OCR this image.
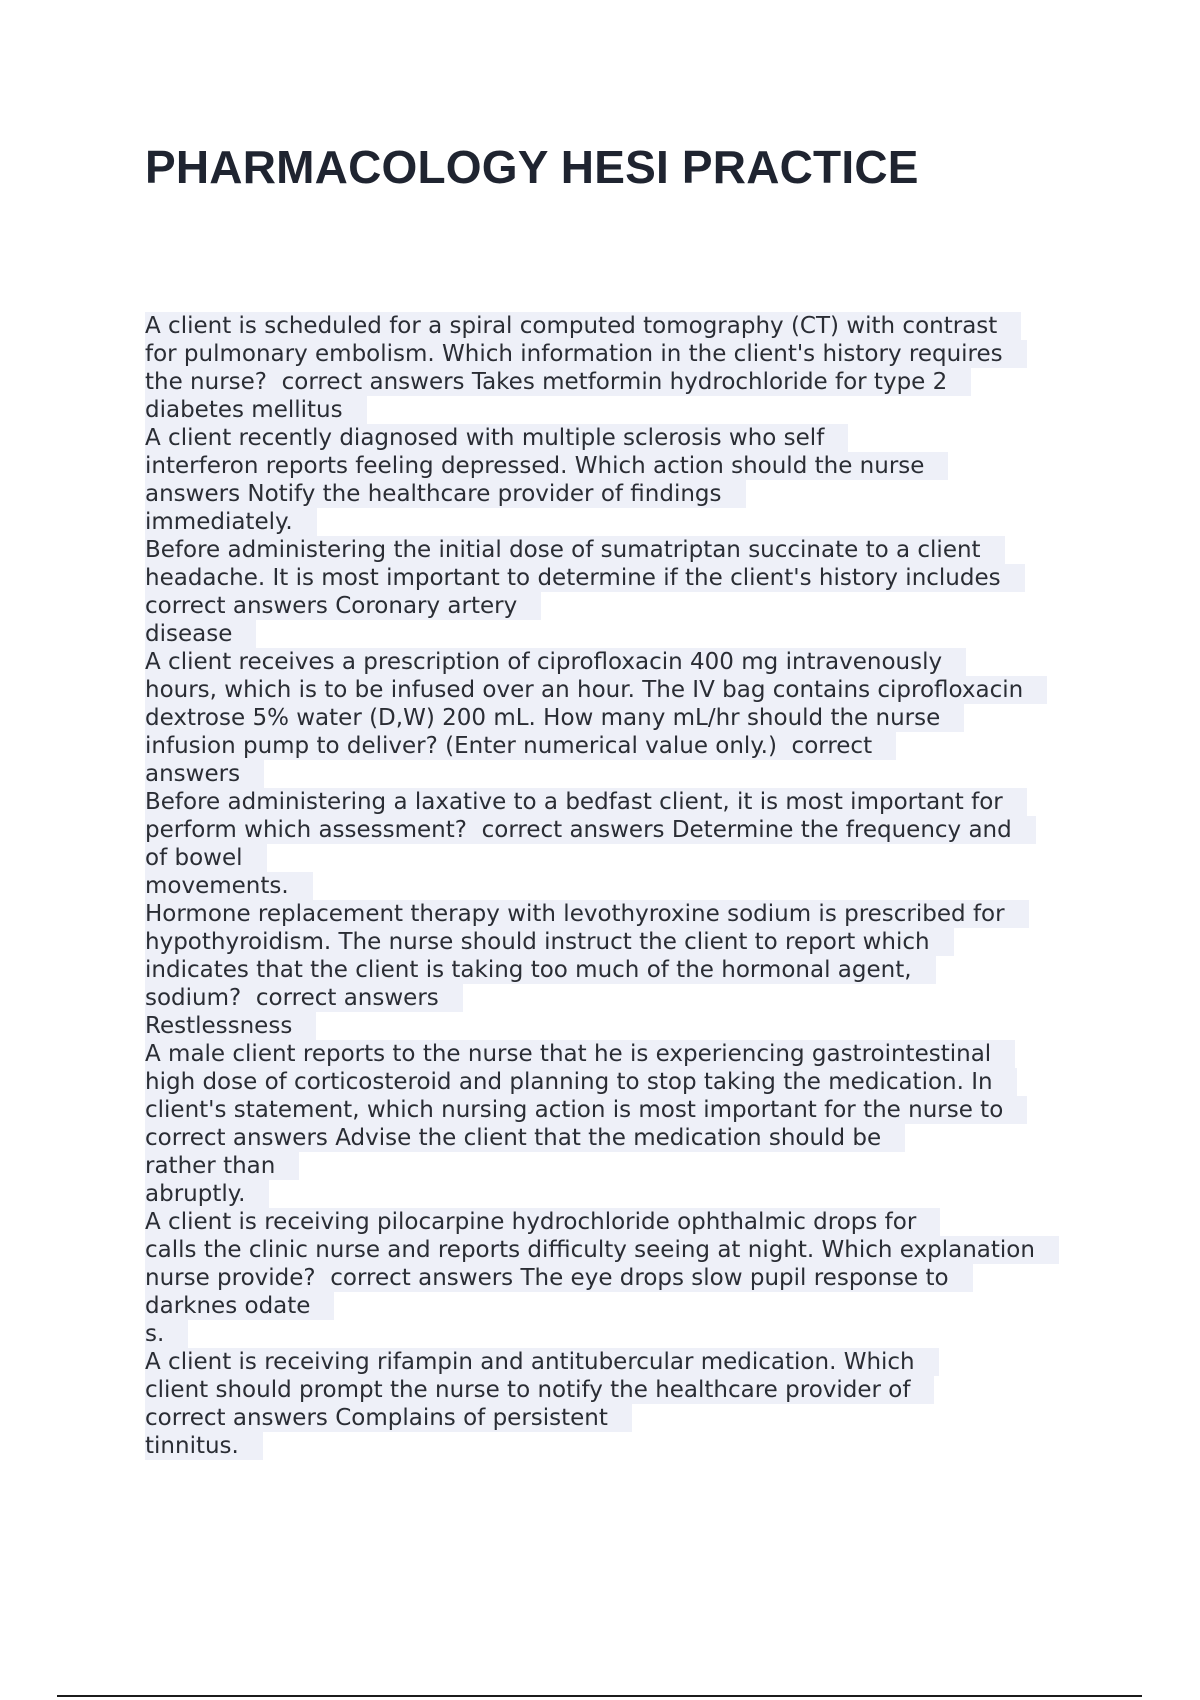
PHARMACOLOGY HESI PRACTICE
A client is scheduled for a spiral computed tomography (CT) with contrast
for pulmonary embolism. Which information in the client's history requires
the nurse?  correct answers Takes metformin hydrochloride for type 2
diabetes mellitus
A client recently diagnosed with multiple sclerosis who self
interferon reports feeling depressed. Which action should the nurse
answers Notify the healthcare provider of findings
immediately.
Before administering the initial dose of sumatriptan succinate to a client
headache. It is most important to determine if the client's history includes
correct answers Coronary artery
disease
A client receives a prescription of ciprofloxacin 400 mg intravenously
hours, which is to be infused over an hour. The IV bag contains ciprofloxacin
dextrose 5% water (D,W) 200 mL. How many mL/hr should the nurse
infusion pump to deliver? (Enter numerical value only.)  correct
answers
Before administering a laxative to a bedfast client, it is most important for
perform which assessment?  correct answers Determine the frequency and
of bowel
movements.
Hormone replacement therapy with levothyroxine sodium is prescribed for
hypothyroidism. The nurse should instruct the client to report which
indicates that the client is taking too much of the hormonal agent,
sodium?  correct answers
Restlessness
A male client reports to the nurse that he is experiencing gastrointestinal
high dose of corticosteroid and planning to stop taking the medication. In
client's statement, which nursing action is most important for the nurse to
correct answers Advise the client that the medication should be
rather than
abruptly.
A client is receiving pilocarpine hydrochloride ophthalmic drops for
calls the clinic nurse and reports difficulty seeing at night. Which explanation
nurse provide?  correct answers The eye drops slow pupil response to
darknes odate
s.
A client is receiving rifampin and antitubercular medication. Which
client should prompt the nurse to notify the healthcare provider of
correct answers Complains of persistent
tinnitus.
